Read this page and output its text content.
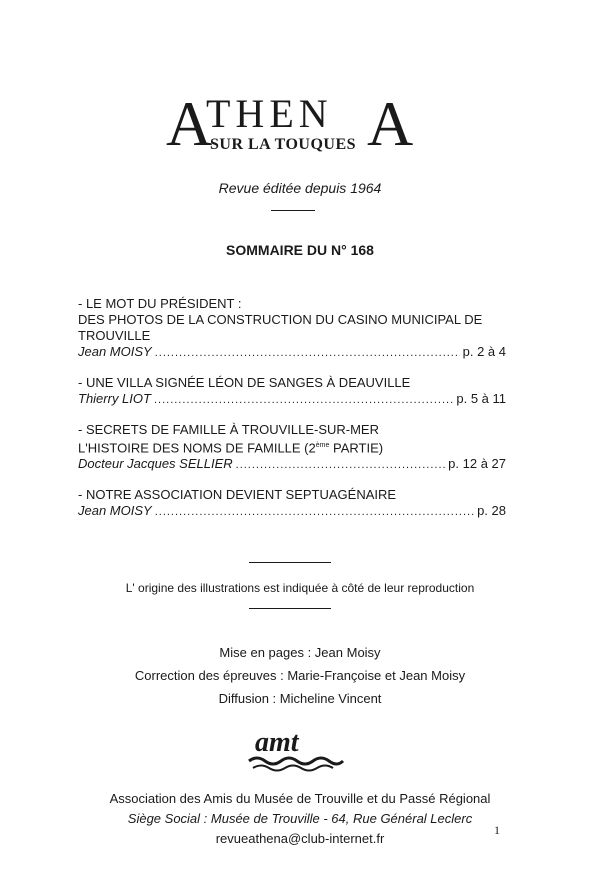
A
THEN A
SUR LA TOUQUES
Revue éditée depuis 1964
SOMMAIRE DU N° 168
- LE MOT DU PRÉSIDENT :
DES PHOTOS DE LA CONSTRUCTION DU CASINO MUNICIPAL DE
TROUVILLE
Jean MOISY .....	p. 2 à 4
- UNE VILLA SIGNÉE LÉON DE SANGES À DEAUVILLE
Thierry LIOT .....	p. 5 à 11
- SECRETS DE FAMILLE À TROUVILLE-SUR-MER
L'HISTOIRE DES NOMS DE FAMILLE (2ème PARTIE)
Docteur Jacques SELLIER .....	p. 12 à 27
- NOTRE ASSOCIATION DEVIENT SEPTUAGÉNAIRE
Jean MOISY .....	p. 28
L' origine des illustrations est indiquée à côté de leur reproduction
Mise en pages : Jean Moisy
Correction des épreuves : Marie-Françoise et Jean Moisy
Diffusion : Micheline Vincent
amt
Association des Amis du Musée de Trouville et du Passé Régional
Siège Social : Musée de Trouville - 64, Rue Général Leclerc
revueathena@club-internet.fr
1
